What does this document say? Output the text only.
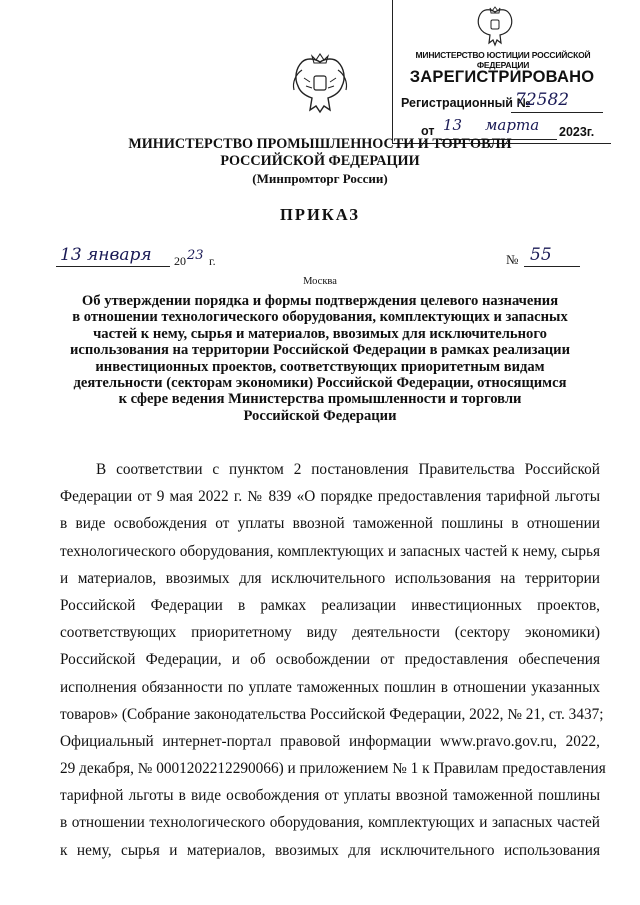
МИНИСТЕРСТВО ЮСТИЦИИ РОССИЙСКОЙ ФЕДЕРАЦИИ
ЗАРЕГИСТРИРОВАНО
Регистрационный №
72582
от 13 марта 2023г.
МИНИСТЕРСТВО ПРОМЫШЛЕННОСТИ И ТОРГОВЛИ
РОССИЙСКОЙ ФЕДЕРАЦИИ
(Минпромторг России)
ПРИКАЗ
13 января 20 23 г.	№ 55
Москва
Об утверждении порядка и формы подтверждения целевого назначения
в отношении технологического оборудования, комплектующих и запасных
частей к нему, сырья и материалов, ввозимых для исключительного
использования на территории Российской Федерации в рамках реализации
инвестиционных проектов, соответствующих приоритетным видам
деятельности (секторам экономики) Российской Федерации, относящимся
к сфере ведения Министерства промышленности и торговли
Российской Федерации
В соответствии с пунктом 2 постановления Правительства Российской
Федерации от 9 мая 2022 г. № 839 «О порядке предоставления тарифной льготы
в виде освобождения от уплаты ввозной таможенной пошлины в отношении
технологического оборудования, комплектующих и запасных частей к нему, сырья
и материалов, ввозимых для исключительного использования на территории
Российской Федерации в рамках реализации инвестиционных проектов,
соответствующих приоритетному виду деятельности (сектору экономики)
Российской Федерации, и об освобождении от предоставления обеспечения
исполнения обязанности по уплате таможенных пошлин в отношении указанных
товаров» (Собрание законодательства Российской Федерации, 2022, № 21, ст. 3437;
Официальный интернет-портал правовой информации www.pravo.gov.ru, 2022,
29 декабря, № 0001202212290066) и приложением № 1 к Правилам предоставления
тарифной льготы в виде освобождения от уплаты ввозной таможенной пошлины
в отношении технологического оборудования, комплектующих и запасных частей
к нему, сырья и материалов, ввозимых для исключительного использования
